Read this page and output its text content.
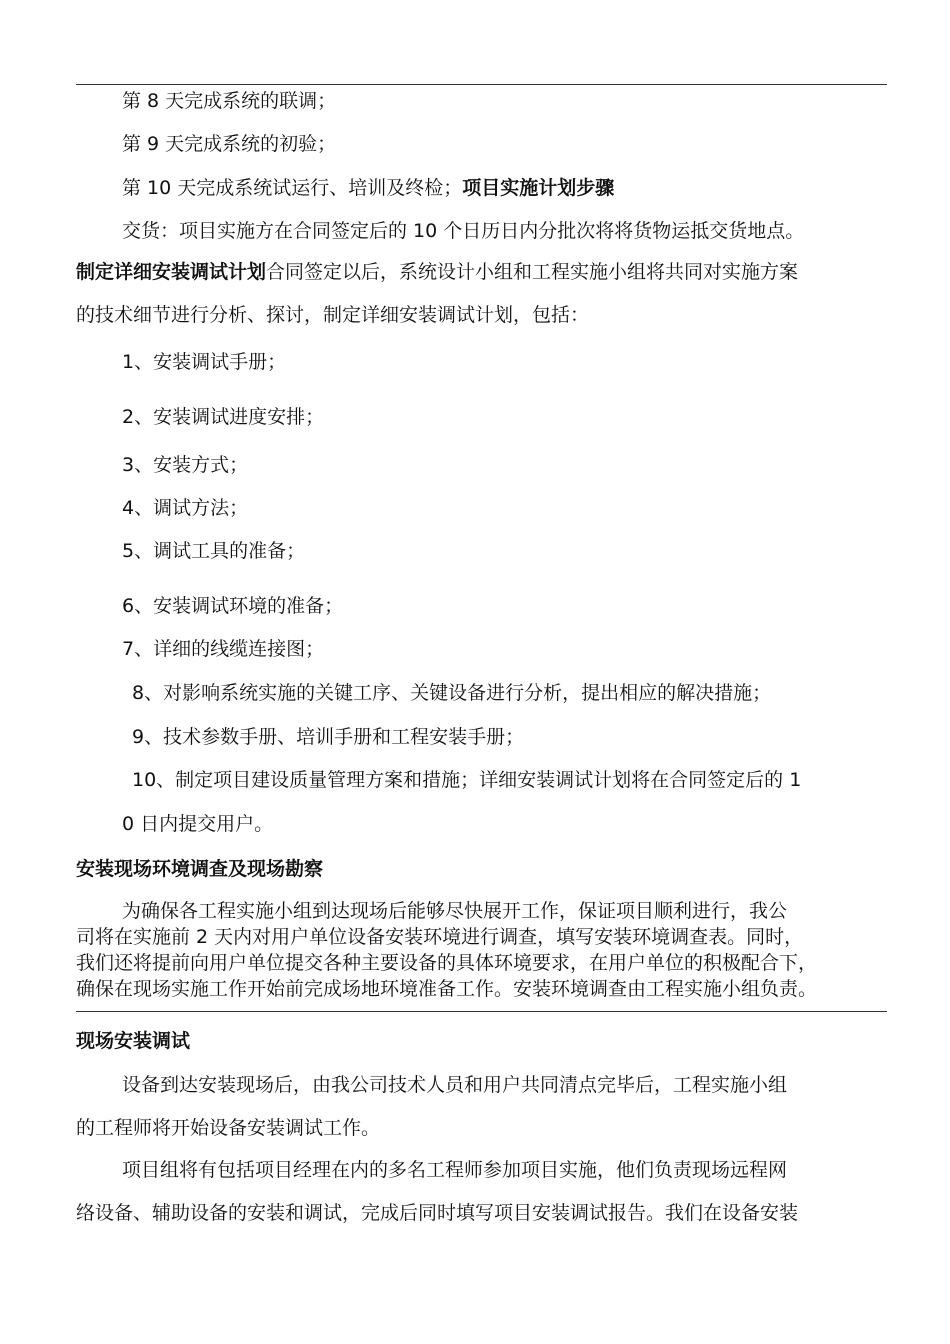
第 8 天完成系统的联调；
第 9 天完成系统的初验；
第 10 天完成系统试运行、培训及终检；项目实施计划步骤
交货：项目实施方在合同签定后的 10 个日历日内分批次将将货物运抵交货地点。
制定详细安装调试计划合同签定以后，系统设计小组和工程实施小组将共同对实施方案
的技术细节进行分析、探讨，制定详细安装调试计划，包括：
1、安装调试手册；
2、安装调试进度安排；
3、安装方式；
4、调试方法；
5、调试工具的准备；
6、安装调试环境的准备；
7、详细的线缆连接图；
8、对影响系统实施的关键工序、关键设备进行分析，提出相应的解决措施；
9、技术参数手册、培训手册和工程安装手册；
10、制定项目建设质量管理方案和措施；详细安装调试计划将在合同签定后的 1
0 日内提交用户。
安装现场环境调查及现场勘察
为确保各工程实施小组到达现场后能够尽快展开工作，保证项目顺利进行，我公
司将在实施前 2 天内对用户单位设备安装环境进行调查，填写安装环境调查表。同时，
我们还将提前向用户单位提交各种主要设备的具体环境要求，在用户单位的积极配合下，
确保在现场实施工作开始前完成场地环境准备工作。安装环境调查由工程实施小组负责。
现场安装调试
设备到达安装现场后，由我公司技术人员和用户共同清点完毕后，工程实施小组
的工程师将开始设备安装调试工作。
项目组将有包括项目经理在内的多名工程师参加项目实施，他们负责现场远程网
络设备、辅助设备的安装和调试，完成后同时填写项目安装调试报告。我们在设备安装
